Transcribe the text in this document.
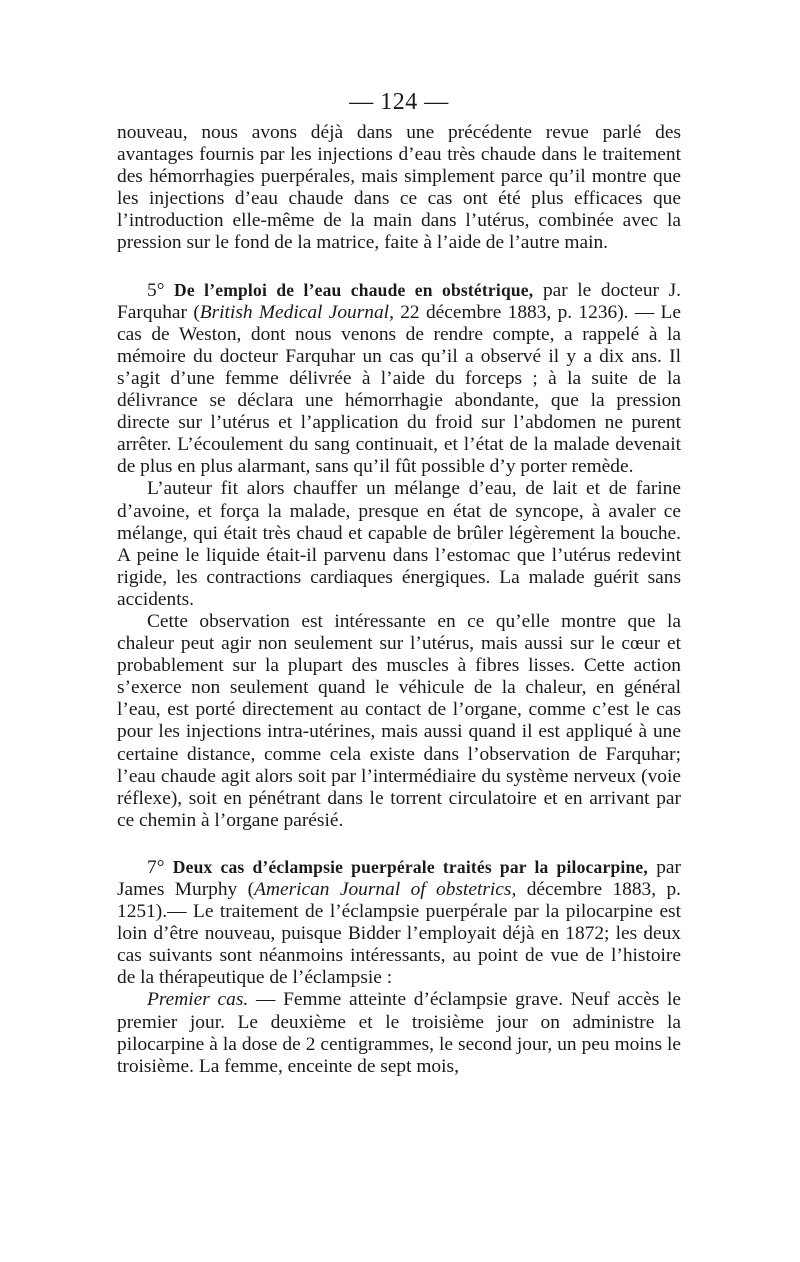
— 124 —

nouveau, nous avons déjà dans une précédente revue parlé des avantages fournis par les injections d’eau très chaude dans le traitement des hémorrhagies puerpérales, mais simplement parce qu’il montre que les injections d’eau chaude dans ce cas ont été plus efficaces que l’introduction elle-même de la main dans l’utérus, combinée avec la pression sur le fond de la matrice, faite à l’aide de l’autre main.

5° De l’emploi de l’eau chaude en obstétrique, par le docteur J. Farquhar (British Medical Journal, 22 décembre 1883, p. 1236). — Le cas de Weston, dont nous venons de rendre compte, a rappelé à la mémoire du docteur Farquhar un cas qu’il a observé il y a dix ans. Il s’agit d’une femme délivrée à l’aide du forceps ; à la suite de la délivrance se déclara une hémorrhagie abondante, que la pression directe sur l’utérus et l’application du froid sur l’abdomen ne purent arrêter. L’écoulement du sang continuait, et l’état de la malade devenait de plus en plus alarmant, sans qu’il fût possible d’y porter remède.

L’auteur fit alors chauffer un mélange d’eau, de lait et de farine d’avoine, et força la malade, presque en état de syncope, à avaler ce mélange, qui était très chaud et capable de brûler légèrement la bouche. A peine le liquide était-il parvenu dans l’estomac que l’utérus redevint rigide, les contractions cardiaques énergiques. La malade guérit sans accidents.

Cette observation est intéressante en ce qu’elle montre que la chaleur peut agir non seulement sur l’utérus, mais aussi sur le cœur et probablement sur la plupart des muscles à fibres lisses. Cette action s’exerce non seulement quand le véhicule de la chaleur, en général l’eau, est porté directement au contact de l’organe, comme c’est le cas pour les injections intra-utérines, mais aussi quand il est appliqué à une certaine distance, comme cela existe dans l’observation de Farquhar; l’eau chaude agit alors soit par l’intermédiaire du système nerveux (voie réflexe), soit en pénétrant dans le torrent circulatoire et en arrivant par ce chemin à l’organe parésié.

7° Deux cas d’éclampsie puerpérale traités par la pilocarpine, par James Murphy (American Journal of obstetrics, décembre 1883, p. 1251).— Le traitement de l’éclampsie puerpérale par la pilocarpine est loin d’être nouveau, puisque Bidder l’employait déjà en 1872; les deux cas suivants sont néanmoins intéressants, au point de vue de l’histoire de la thérapeutique de l’éclampsie :

Premier cas. — Femme atteinte d’éclampsie grave. Neuf accès le premier jour. Le deuxième et le troisième jour on administre la pilocarpine à la dose de 2 centigrammes, le second jour, un peu moins le troisième. La femme, enceinte de sept mois,
